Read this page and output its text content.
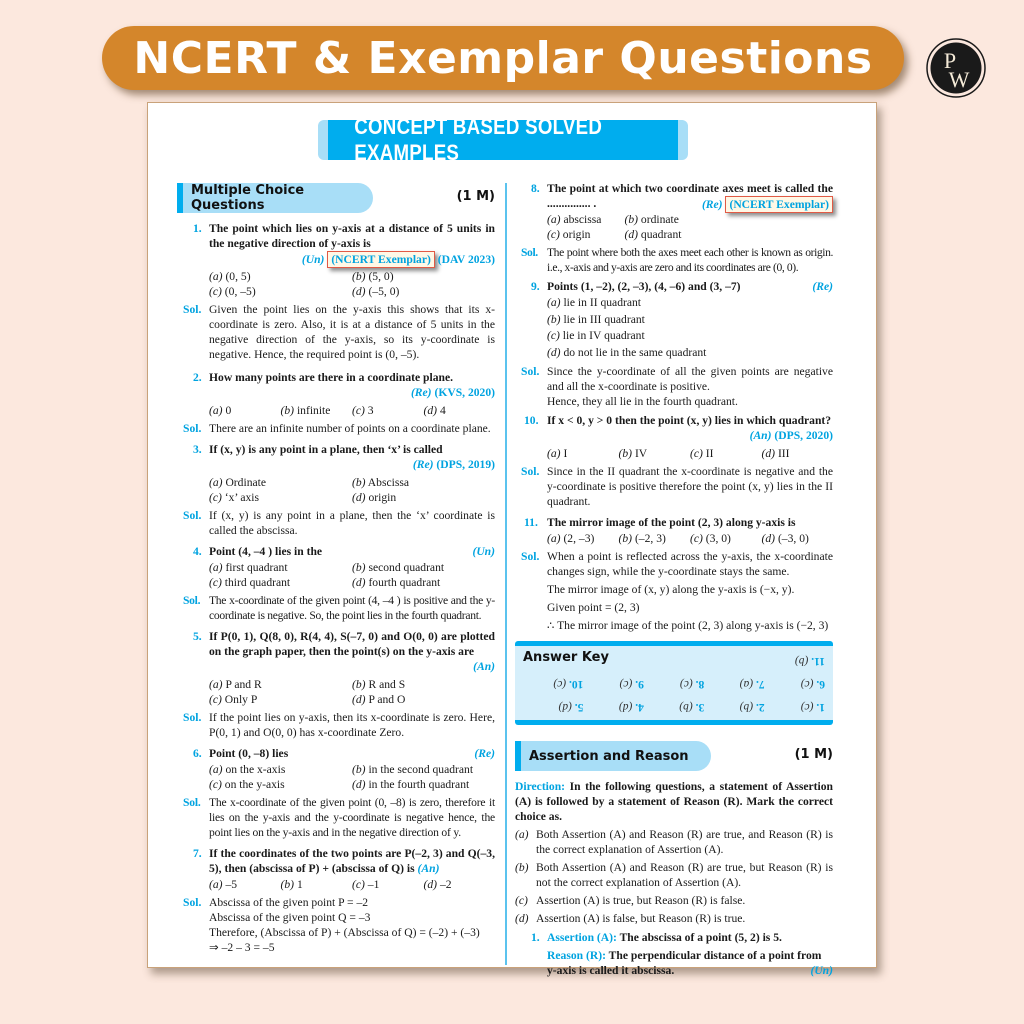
NCERT & Exemplar Questions	P
W
CONCEPT BASED SOLVED EXAMPLES
Multiple Choice Questions
(1 M)
1. The point which lies on y-axis at a distance of 5 units in the negative direction of y-axis is
(Un) (NCERT Exemplar) (DAV 2023)
(a) (0, 5)	(b) (5, 0)
(c) (0, –5)	(d) (–5, 0)
Sol. Given the point lies on the y-axis this shows that its x-coordinate is zero. Also, it is at a distance of 5 units in the negative direction of the y-axis, so its y-coordinate is negative. Hence, the required point is (0, –5).

2. How many points are there in a coordinate plane.
(Re) (KVS, 2020)
(a) 0	(b) infinite	(c) 3	(d) 4
Sol. There are an infinite number of points on a coordinate plane.

3. If (x, y) is any point in a plane, then ‘x’ is called
(Re) (DPS, 2019)
(a) Ordinate	(b) Abscissa
(c) ‘x’ axis	(d) origin
Sol. If (x, y) is any point in a plane, then the ‘x’ coordinate is called the abscissa.

4. Point (4, –4 ) lies in the	(Un)
(a) first quadrant	(b) second quadrant
(c) third quadrant	(d) fourth quadrant
Sol. The x-coordinate of the given point (4, –4 ) is positive and the y-coordinate is negative. So, the point lies in the fourth quadrant.

5. If P(0, 1), Q(8, 0), R(4, 4), S(–7, 0) and O(0, 0) are plotted on the graph paper, then the point(s) on the y-axis are
(An)
(a) P and R	(b) R and S
(c) Only P	(d) P and O
Sol. If the point lies on y-axis, then its x-coordinate is zero. Here, P(0, 1) and O(0, 0) has x-coordinate Zero.

6. Point (0, –8) lies	(Re)
(a) on the x-axis	(b) in the second quadrant
(c) on the y-axis	(d) in the fourth quadrant
Sol. The x-coordinate of the given point (0, –8) is zero, therefore it lies on the y-axis and the y-coordinate is negative hence, the point lies on the y-axis and in the negative direction of y.

7. If the coordinates of the two points are P(–2, 3) and Q(–3, 5), then (abscissa of P) + (abscissa of Q) is (An)
(a) –5	(b) 1	(c) –1	(d) –2
Sol. Abscissa of the given point P = –2

Abscissa of the given point Q = –3

Therefore, (Abscissa of P) + (Abscissa of Q) = (–2) + (–3)

⇒ –2 – 3 = –5

8. The point at which two coordinate axes meet is called the ............... .	(Re) (NCERT Exemplar)
(a) abscissa	(b) ordinate
(c) origin	(d) quadrant
Sol. The point where both the axes meet each other is known as origin. i.e., x-axis and y-axis are zero and its coordinates are (0, 0).

9. Points (1, –2), (2, –3), (4, –6) and (3, –7)	(Re)
(a) lie in II quadrant
(b) lie in III quadrant
(c) lie in IV quadrant
(d) do not lie in the same quadrant
Sol. Since the y-coordinate of all the given points are negative and all the x-coordinate is positive.

Hence, they all lie in the fourth quadrant.

10. If x < 0, y > 0 then the point (x, y) lies in which quadrant?
(An) (DPS, 2020)
(a) I	(b) IV	(c) II	(d) III
Sol. Since in the II quadrant the x-coordinate is negative and the y-coordinate is positive therefore the point (x, y) lies in the II quadrant.

11. The mirror image of the point (2, 3) along y-axis is
(a) (2, –3)	(b) (–2, 3)	(c) (3, 0)	(d) (–3, 0)
Sol. When a point is reflected across the y-axis, the x-coordinate changes sign, while the y-coordinate stays the same.

The mirror image of (x, y) along the y-axis is (−x, y).

Given point = (2, 3)

∴ The mirror image of the point (2, 3) along y-axis is (−2, 3)

Answer Key
1. (c)
2. (b)
3. (b)
4. (d)
5. (d)
6. (c)
7. (a)
8. (c)
9. (c)
10. (c)
11. (b)
Assertion and Reason	(1 M)
Direction: In the following questions, a statement of Assertion (A) is followed by a statement of Reason (R). Mark the correct choice as.
(a) Both Assertion (A) and Reason (R) are true, and Reason (R) is the correct explanation of Assertion (A).
(b) Both Assertion (A) and Reason (R) are true, but Reason (R) is not the correct explanation of Assertion (A).
(c) Assertion (A) is true, but Reason (R) is false.
(d) Assertion (A) is false, but Reason (R) is true.
1. Assertion (A): The abscissa of a point (5, 2) is 5.
Reason (R): The perpendicular distance of a point from y-axis is called it abscissa.	(Un)
